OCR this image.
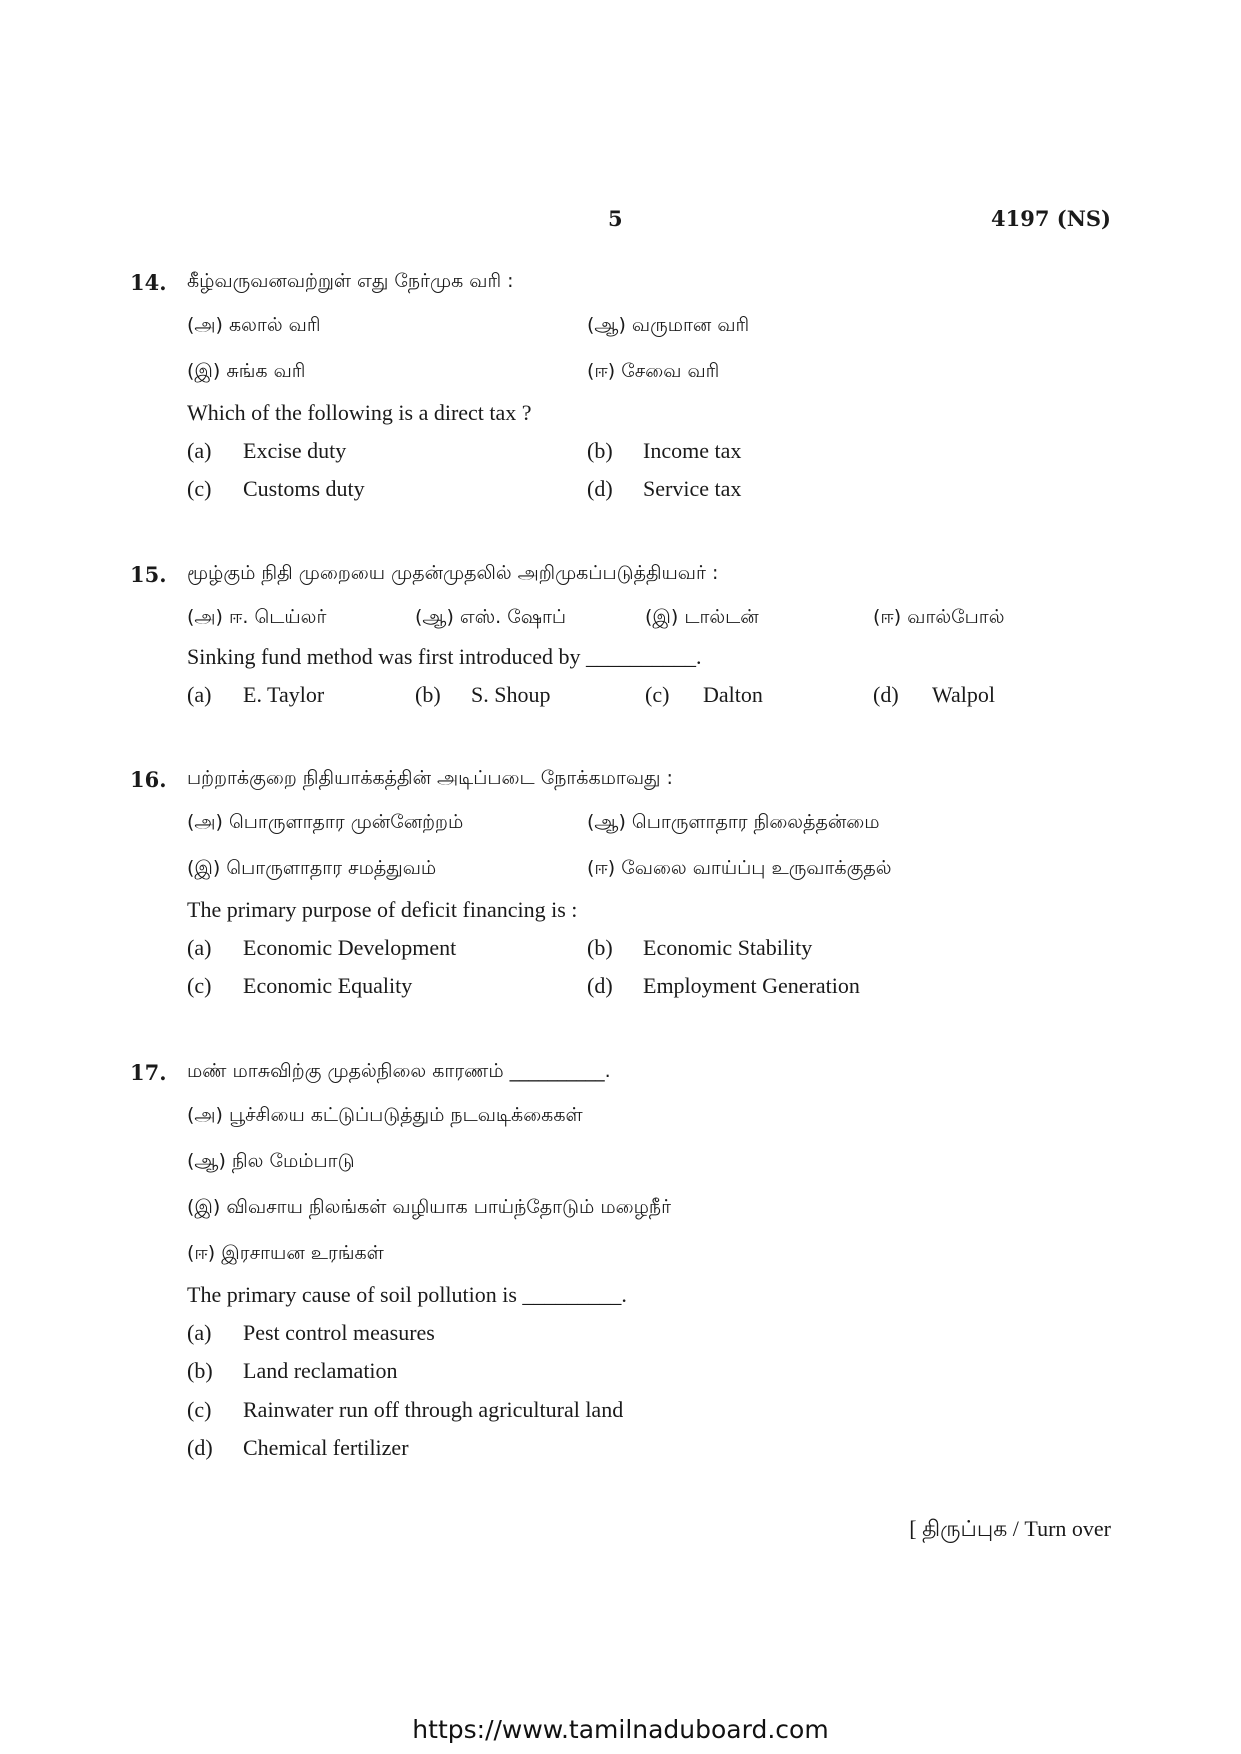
5	4197 (NS)
14. கீழ்வருவனவற்றுள் எது நேர்முக வரி :
(அ) கலால் வரி	(ஆ) வருமான வரி
(இ) சுங்க வரி	(ஈ) சேவை வரி
Which of the following is a direct tax ?
(a) Excise duty	(b) Income tax
(c) Customs duty	(d) Service tax
15. மூழ்கும் நிதி முறையை முதன்முதலில் அறிமுகப்படுத்தியவர் :
(அ) ஈ. டெய்லர்	(ஆ) எஸ். ஷோப்	(இ) டால்டன்	(ஈ) வால்போல்
Sinking fund method was first introduced by __________.
(a) E. Taylor	(b) S. Shoup	(c) Dalton	(d) Walpol
16. பற்றாக்குறை நிதியாக்கத்தின் அடிப்படை நோக்கமாவது :
(அ) பொருளாதார முன்னேற்றம்	(ஆ) பொருளாதார நிலைத்தன்மை
(இ) பொருளாதார சமத்துவம்	(ஈ) வேலை வாய்ப்பு உருவாக்குதல்
The primary purpose of deficit financing is :
(a) Economic Development	(b) Economic Stability
(c) Economic Equality	(d) Employment Generation
17. மண் மாசுவிற்கு முதல்நிலை காரணம் __________.
(அ) பூச்சியை கட்டுப்படுத்தும் நடவடிக்கைகள்
(ஆ) நில மேம்பாடு
(இ) விவசாய நிலங்கள் வழியாக பாய்ந்தோடும் மழைநீர்
(ஈ) இரசாயன உரங்கள்
The primary cause of soil pollution is _________.
(a) Pest control measures
(b) Land reclamation
(c) Rainwater run off through agricultural land
(d) Chemical fertilizer
[ திருப்புக / Turn over
https://www.tamilnaduboard.com
